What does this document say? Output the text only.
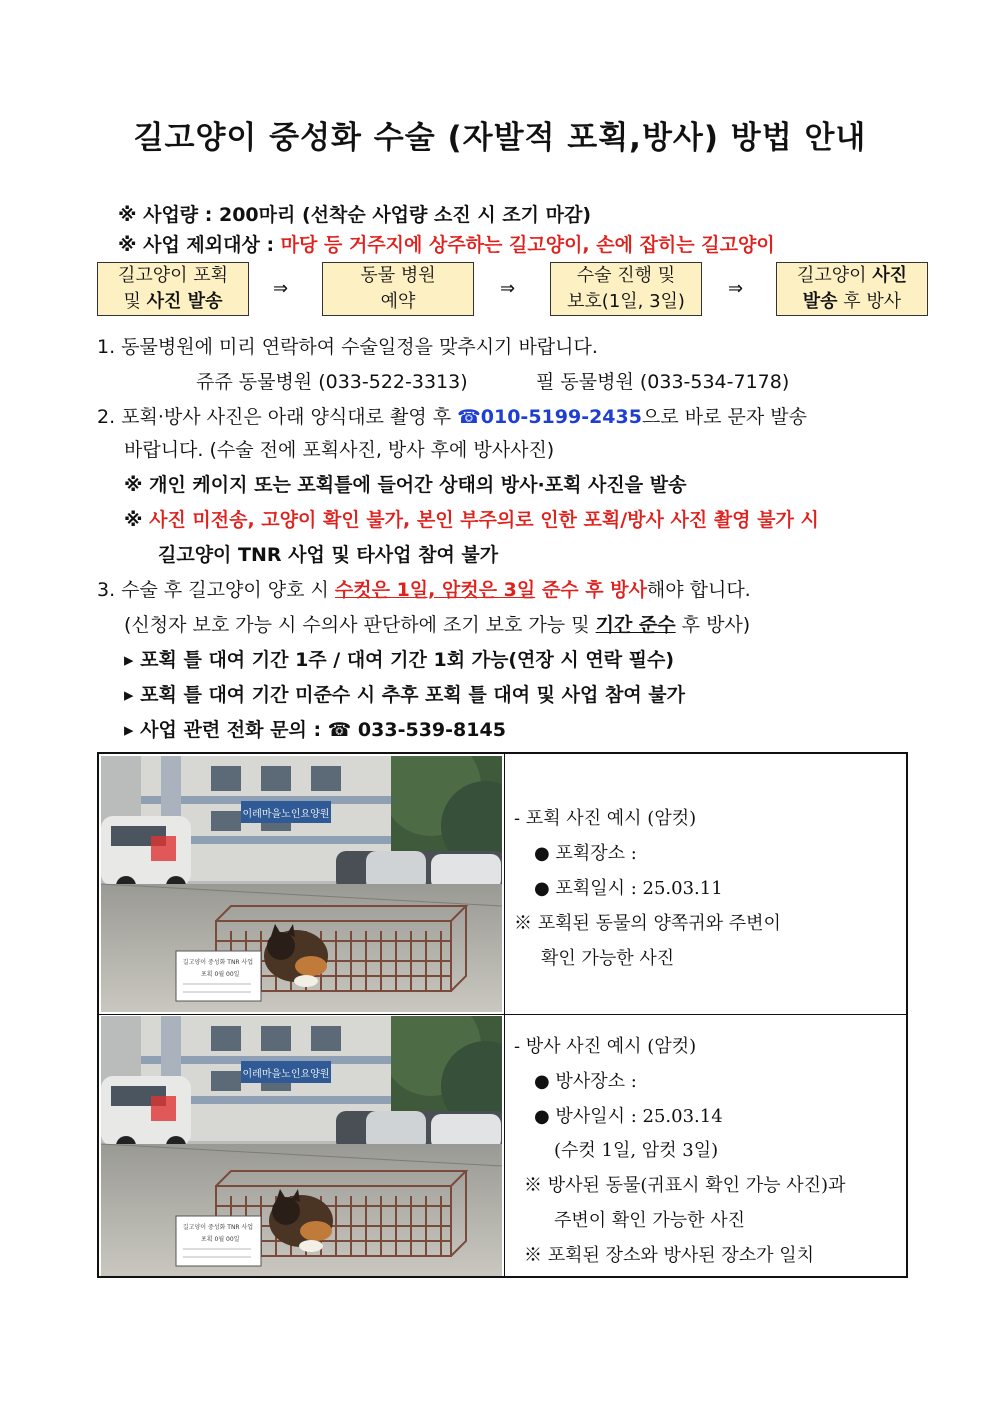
길고양이 중성화 수술 (자발적 포획,방사) 방법 안내
※ 사업량 : 200마리 (선착순 사업량 소진 시 조기 마감)
※ 사업 제외대상 : 마당 등 거주지에 상주하는 길고양이, 손에 잡히는 길고양이
길고양이 포획
및 사진 발송
⇒
동물 병원
예약
⇒
수술 진행 및
보호(1일, 3일)
⇒
길고양이 사진
발송 후 방사
1. 동물병원에 미리 연락하여 수술일정을 맞추시기 바랍니다.
쥬쥬 동물병원 (033-522-3313)	필 동물병원 (033-534-7178)
2. 포획·방사 사진은 아래 양식대로 촬영 후 ☎010-5199-2435으로 바로 문자 발송
바랍니다. (수술 전에 포획사진, 방사 후에 방사사진)
※ 개인 케이지 또는 포획틀에 들어간 상태의 방사·포획 사진을 발송
※ 사진 미전송, 고양이 확인 불가, 본인 부주의로 인한 포획/방사 사진 촬영 불가 시
길고양이 TNR 사업 및 타사업 참여 불가
3. 수술 후 길고양이 양호 시 수컷은 1일, 암컷은 3일 준수 후 방사해야 합니다.
(신청자 보호 가능 시 수의사 판단하에 조기 보호 가능 및 기간 준수 후 방사)
▸ 포획 틀 대여 기간 1주 / 대여 기간 1회 가능(연장 시 연락 필수)
▸ 포획 틀 대여 기간 미준수 시 추후 포획 틀 대여 및 사업 참여 불가
▸ 사업 관련 전화 문의 : ☎ 033-539-8145
이레마을노인요양원
길고양이 중성화 TNR 사업
포획 0월 00일
이레마을노인요양원
길고양이 중성화 TNR 사업
포획 0월 00일
- 포획 사진 예시 (암컷)
● 포획장소 :
● 포획일시 : 25.03.11
※ 포획된 동물의 양쪽귀와 주변이
확인 가능한 사진
- 방사 사진 예시 (암컷)
● 방사장소 :
● 방사일시 : 25.03.14
(수컷 1일, 암컷 3일)
※ 방사된 동물(귀표시 확인 가능 사진)과
주변이 확인 가능한 사진
※ 포획된 장소와 방사된 장소가 일치
